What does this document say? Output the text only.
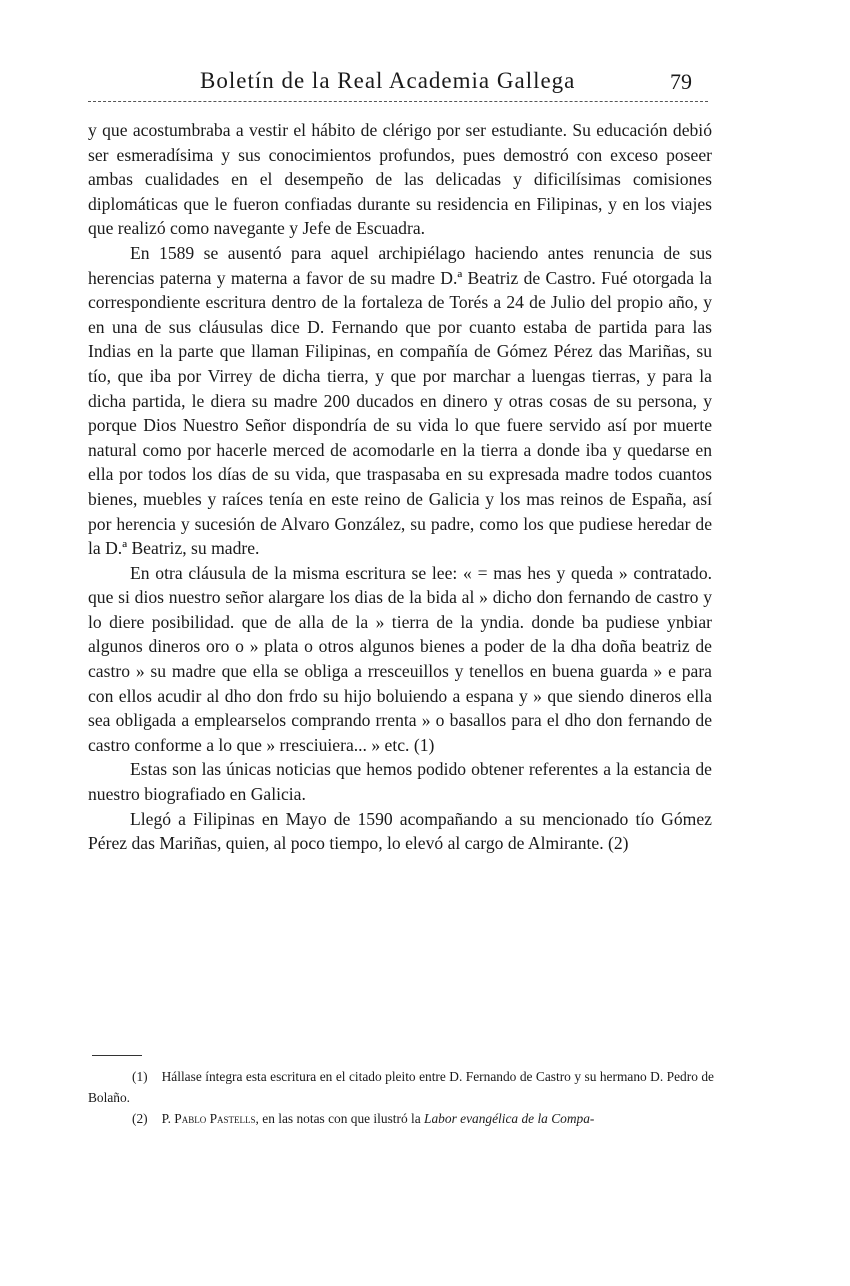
Boletín de la Real Academia Gallega	79

y que acostumbraba a vestir el hábito de clérigo por ser estudiante. Su educación debió ser esmeradísima y sus conocimientos profundos, pues demostró con exceso poseer ambas cualidades en el desempeño de las delicadas y dificilísimas comisiones diplomáticas que le fueron confiadas durante su residencia en Filipinas, y en los viajes que realizó como navegante y Jefe de Escuadra.

En 1589 se ausentó para aquel archipiélago haciendo antes renuncia de sus herencias paterna y materna a favor de su madre D.ª Beatriz de Castro. Fué otorgada la correspondiente escritura dentro de la fortaleza de Torés a 24 de Julio del propio año, y en una de sus cláusulas dice D. Fernando que por cuanto estaba de partida para las Indias en la parte que llaman Filipinas, en compañía de Gómez Pérez das Mariñas, su tío, que iba por Virrey de dicha tierra, y que por marchar a luengas tierras, y para la dicha partida, le diera su madre 200 ducados en dinero y otras cosas de su persona, y porque Dios Nuestro Señor dispondría de su vida lo que fuere servido así por muerte natural como por hacerle merced de acomodarle en la tierra a donde iba y quedarse en ella por todos los días de su vida, que traspasaba en su expresada madre todos cuantos bienes, muebles y raíces tenía en este reino de Galicia y los mas reinos de España, así por herencia y sucesión de Alvaro González, su padre, como los que pudiese heredar de la D.ª Beatriz, su madre.

En otra cláusula de la misma escritura se lee: « = mas hes y queda » contratado. que si dios nuestro señor alargare los dias de la bida al » dicho don fernando de castro y lo diere posibilidad. que de alla de la » tierra de la yndia. donde ba pudiese ynbiar algunos dineros oro o » plata o otros algunos bienes a poder de la dha doña beatriz de castro » su madre que ella se obliga a rresceuillos y tenellos en buena guarda » e para con ellos acudir al dho don frdo su hijo boluiendo a espana y » que siendo dineros ella sea obligada a emplearselos comprando rrenta » o basallos para el dho don fernando de castro conforme a lo que » rresciuiera... » etc. (1)

Estas son las únicas noticias que hemos podido obtener referentes a la estancia de nuestro biografiado en Galicia.

Llegó a Filipinas en Mayo de 1590 acompañando a su mencionado tío Gómez Pérez das Mariñas, quien, al poco tiempo, lo elevó al cargo de Almirante. (2)

(1) Hállase íntegra esta escritura en el citado pleito entre D. Fernando de Castro y su hermano D. Pedro de Bolaño.

(2) P. Pablo Pastells, en las notas con que ilustró la Labor evangélica de la Compa-
